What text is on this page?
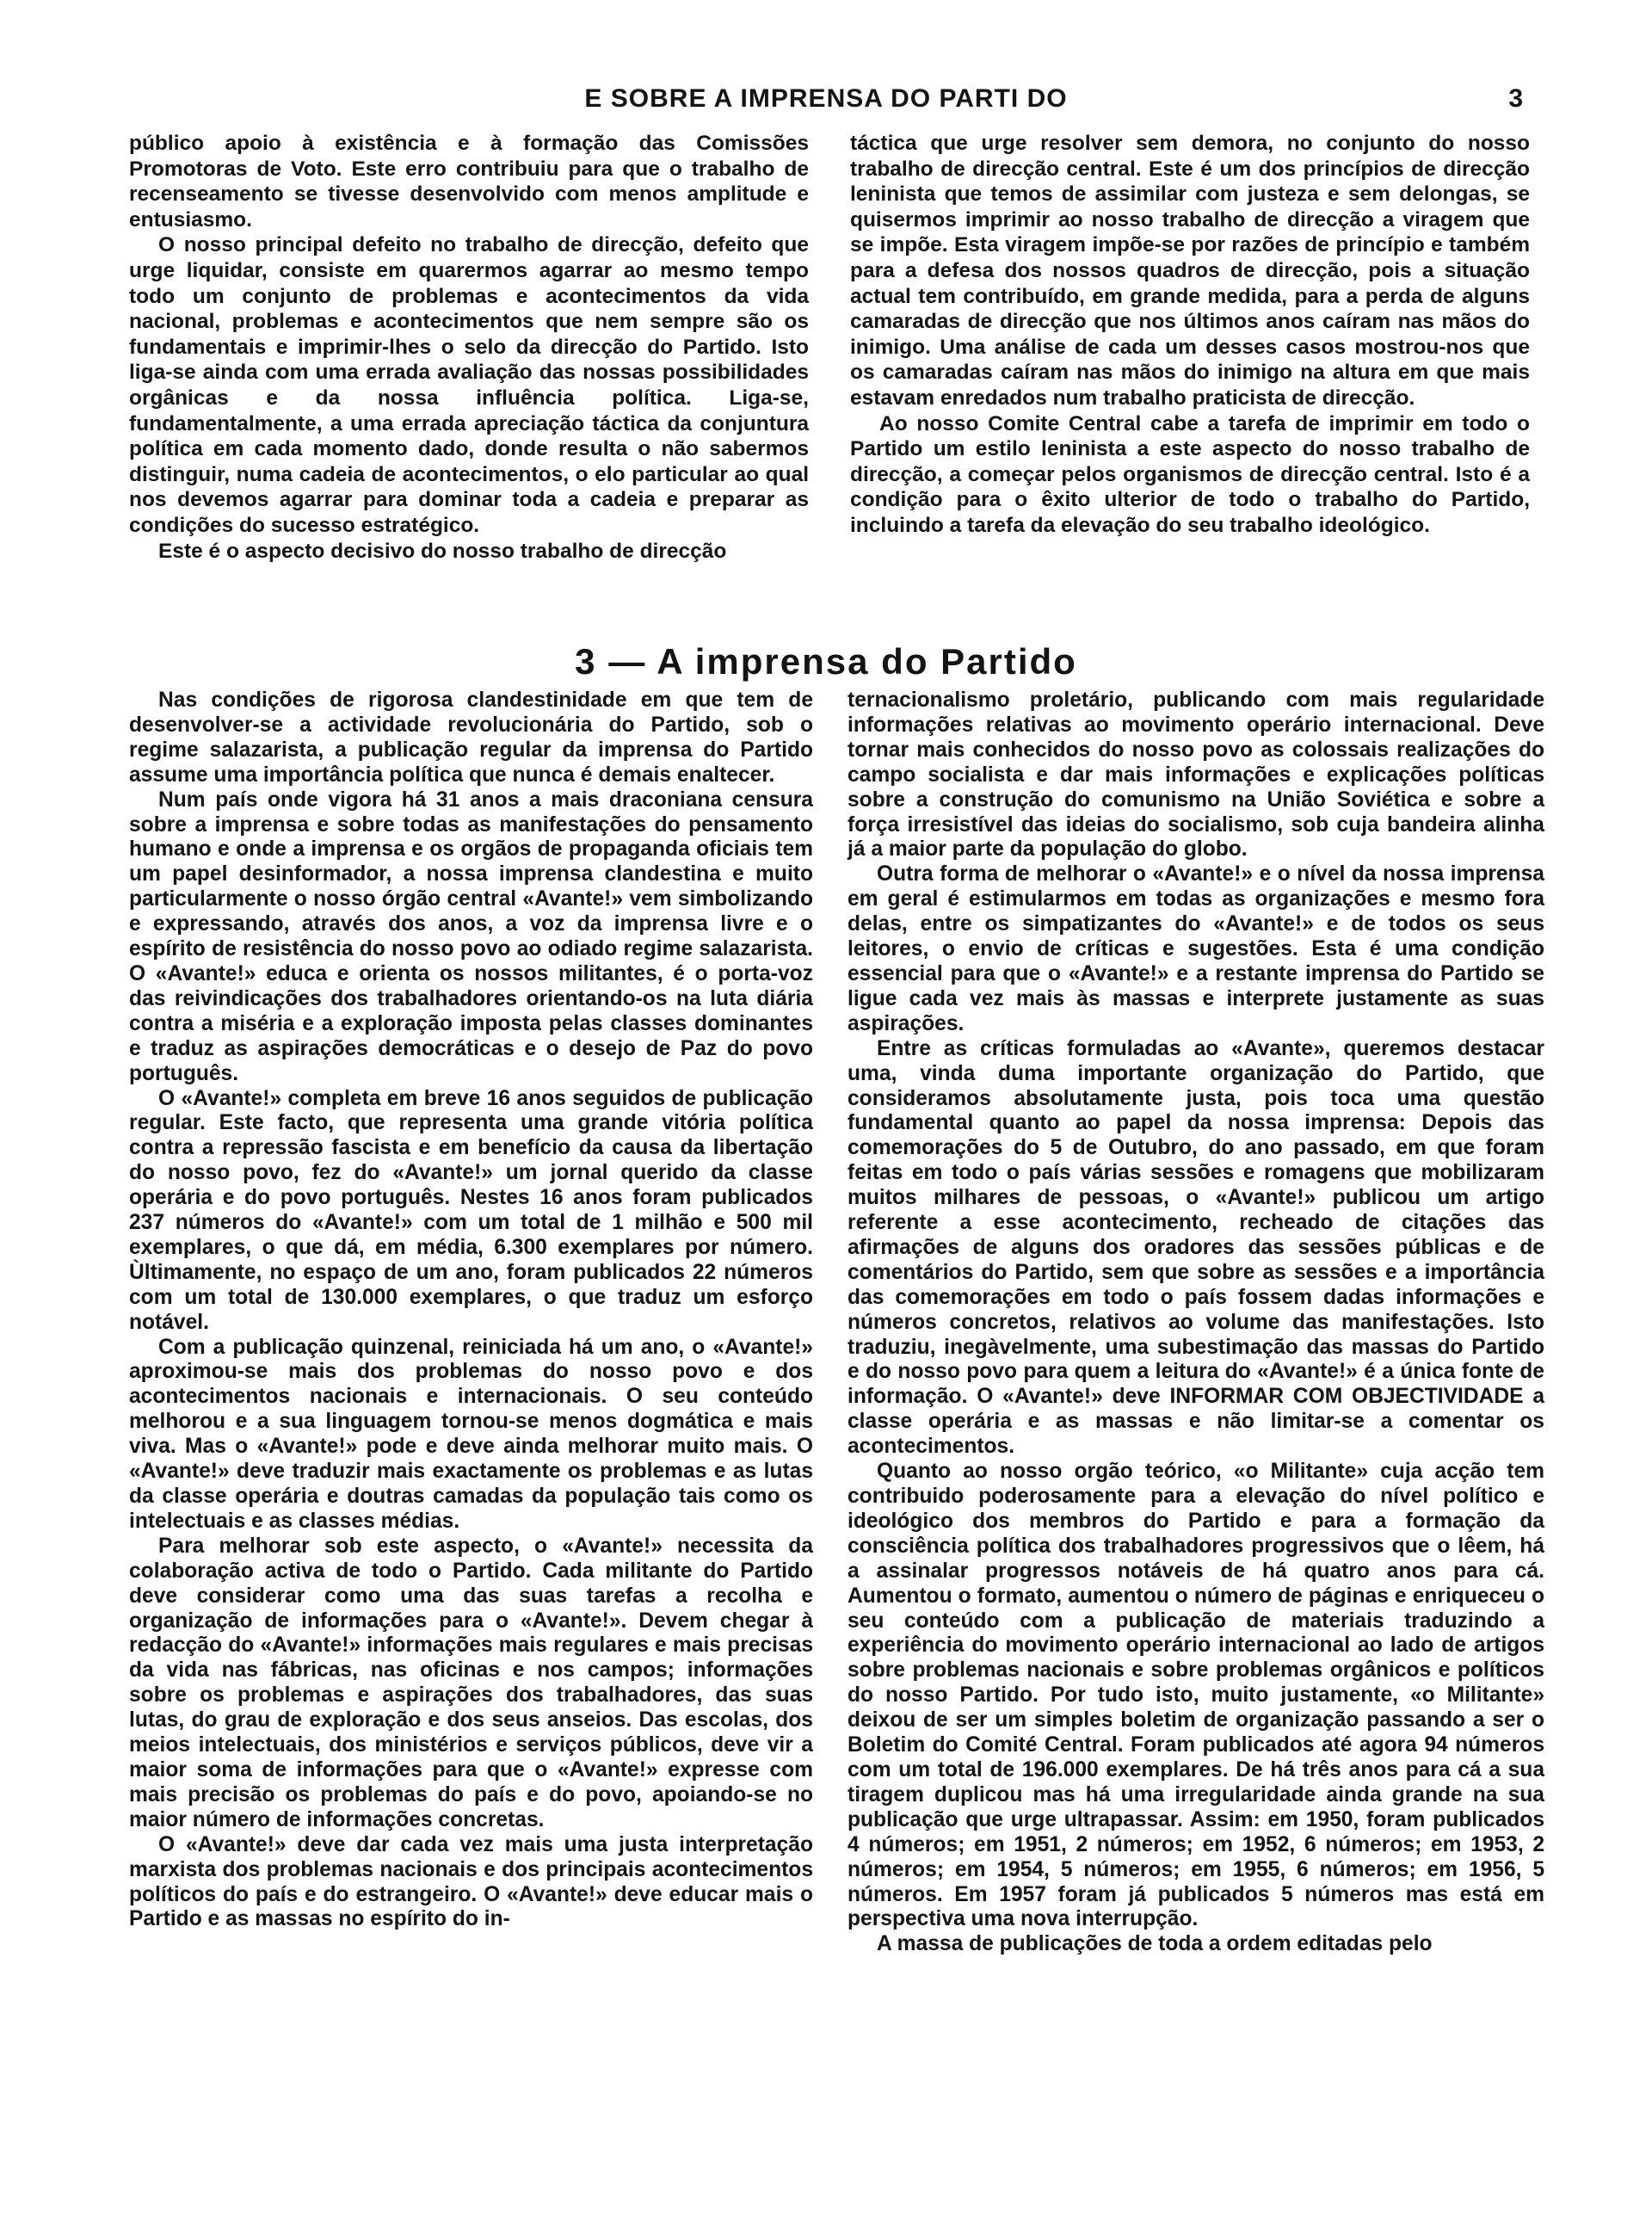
E SOBRE A IMPRENSA DO PARTI DO	3

público apoio à existência e à formação das Comissões Promotoras de Voto. Este erro contribuiu para que o trabalho de recenseamento se tivesse desenvolvido com menos amplitude e entusiasmo.

O nosso principal defeito no trabalho de direcção, defeito que urge liquidar, consiste em quarermos agarrar ao mesmo tempo todo um conjunto de problemas e acontecimentos da vida nacional, problemas e acontecimentos que nem sempre são os fundamentais e imprimir-lhes o selo da direcção do Partido. Isto liga-se ainda com uma errada avaliação das nossas possibilidades orgânicas e da nossa influência política. Liga-se, fundamentalmente, a uma errada apreciação táctica da conjuntura política em cada momento dado, donde resulta o não sabermos distinguir, numa cadeia de acontecimentos, o elo particular ao qual nos devemos agarrar para dominar toda a cadeia e preparar as condições do sucesso estratégico.

Este é o aspecto decisivo do nosso trabalho de direcção

táctica que urge resolver sem demora, no conjunto do nosso trabalho de direcção central. Este é um dos princípios de direcção leninista que temos de assimilar com justeza e sem delongas, se quisermos imprimir ao nosso trabalho de direcção a viragem que se impõe. Esta viragem impõe-se por razões de princípio e também para a defesa dos nossos quadros de direcção, pois a situação actual tem contribuído, em grande medida, para a perda de alguns camaradas de direcção que nos últimos anos caíram nas mãos do inimigo. Uma análise de cada um desses casos mostrou-nos que os camaradas caíram nas mãos do inimigo na altura em que mais estavam enredados num trabalho praticista de direcção.

Ao nosso Comite Central cabe a tarefa de imprimir em todo o Partido um estilo leninista a este aspecto do nosso trabalho de direcção, a começar pelos organismos de direcção central. Isto é a condição para o êxito ulterior de todo o trabalho do Partido, incluindo a tarefa da elevação do seu trabalho ideológico.

3 — A imprensa do Partido

Nas condições de rigorosa clandestinidade em que tem de desenvolver-se a actividade revolucionária do Partido, sob o regime salazarista, a publicação regular da imprensa do Partido assume uma importância política que nunca é demais enaltecer.

Num país onde vigora há 31 anos a mais draconiana censura sobre a imprensa e sobre todas as manifestações do pensamento humano e onde a imprensa e os orgãos de propaganda oficiais tem um papel desinformador, a nossa imprensa clandestina e muito particularmente o nosso órgão central «Avante!» vem simbolizando e expressando, através dos anos, a voz da imprensa livre e o espírito de resistência do nosso povo ao odiado regime salazarista. O «Avante!» educa e orienta os nossos militantes, é o porta-voz das reivindicações dos trabalhadores orientando-os na luta diária contra a miséria e a exploração imposta pelas classes dominantes e traduz as aspirações democráticas e o desejo de Paz do povo português.

O «Avante!» completa em breve 16 anos seguidos de publicação regular. Este facto, que representa uma grande vitória política contra a repressão fascista e em benefício da causa da libertação do nosso povo, fez do «Avante!» um jornal querido da classe operária e do povo português. Nestes 16 anos foram publicados 237 números do «Avante!» com um total de 1 milhão e 500 mil exemplares, o que dá, em média, 6.300 exemplares por número. Ùltimamente, no espaço de um ano, foram publicados 22 números com um total de 130.000 exemplares, o que traduz um esforço notável.

Com a publicação quinzenal, reiniciada há um ano, o «Avante!» aproximou-se mais dos problemas do nosso povo e dos acontecimentos nacionais e internacionais. O seu conteúdo melhorou e a sua linguagem tornou-se menos dogmática e mais viva. Mas o «Avante!» pode e deve ainda melhorar muito mais. O «Avante!» deve traduzir mais exactamente os problemas e as lutas da classe operária e doutras camadas da população tais como os intelectuais e as classes médias.

Para melhorar sob este aspecto, o «Avante!» necessita da colaboração activa de todo o Partido. Cada militante do Partido deve considerar como uma das suas tarefas a recolha e organização de informações para o «Avante!». Devem chegar à redacção do «Avante!» informações mais regulares e mais precisas da vida nas fábricas, nas oficinas e nos campos; informações sobre os problemas e aspirações dos trabalhadores, das suas lutas, do grau de exploração e dos seus anseios. Das escolas, dos meios intelectuais, dos ministérios e serviços públicos, deve vir a maior soma de informações para que o «Avante!» expresse com mais precisão os problemas do país e do povo, apoiando-se no maior número de informações concretas.

O «Avante!» deve dar cada vez mais uma justa interpretação marxista dos problemas nacionais e dos principais acontecimentos políticos do país e do estrangeiro. O «Avante!» deve educar mais o Partido e as massas no espírito do in-

ternacionalismo proletário, publicando com mais regularidade informações relativas ao movimento operário internacional. Deve tornar mais conhecidos do nosso povo as colossais realizações do campo socialista e dar mais informações e explicações políticas sobre a construção do comunismo na União Soviética e sobre a força irresistível das ideias do socialismo, sob cuja bandeira alinha já a maior parte da população do globo.

Outra forma de melhorar o «Avante!» e o nível da nossa imprensa em geral é estimularmos em todas as organizações e mesmo fora delas, entre os simpatizantes do «Avante!» e de todos os seus leitores, o envio de críticas e sugestões. Esta é uma condição essencial para que o «Avante!» e a restante imprensa do Partido se ligue cada vez mais às massas e interprete justamente as suas aspirações.

Entre as críticas formuladas ao «Avante», queremos destacar uma, vinda duma importante organização do Partido, que consideramos absolutamente justa, pois toca uma questão fundamental quanto ao papel da nossa imprensa: Depois das comemorações do 5 de Outubro, do ano passado, em que foram feitas em todo o país várias sessões e romagens que mobilizaram muitos milhares de pessoas, o «Avante!» publicou um artigo referente a esse acontecimento, recheado de citações das afirmações de alguns dos oradores das sessões públicas e de comentários do Partido, sem que sobre as sessões e a importância das comemorações em todo o país fossem dadas informações e números concretos, relativos ao volume das manifestações. Isto traduziu, inegàvelmente, uma subestimação das massas do Partido e do nosso povo para quem a leitura do «Avante!» é a única fonte de informação. O «Avante!» deve INFORMAR COM OBJECTIVIDADE a classe operária e as massas e não limitar-se a comentar os acontecimentos.

Quanto ao nosso orgão teórico, «o Militante» cuja acção tem contribuido poderosamente para a elevação do nível político e ideológico dos membros do Partido e para a formação da consciência política dos trabalhadores progressivos que o lêem, há a assinalar progressos notáveis de há quatro anos para cá. Aumentou o formato, aumentou o número de páginas e enriqueceu o seu conteúdo com a publicação de materiais traduzindo a experiência do movimento operário internacional ao lado de artigos sobre problemas nacionais e sobre problemas orgânicos e políticos do nosso Partido. Por tudo isto, muito justamente, «o Militante» deixou de ser um simples boletim de organização passando a ser o Boletim do Comité Central. Foram publicados até agora 94 números com um total de 196.000 exemplares. De há três anos para cá a sua tiragem duplicou mas há uma irregularidade ainda grande na sua publicação que urge ultrapassar. Assim: em 1950, foram publicados 4 números; em 1951, 2 números; em 1952, 6 números; em 1953, 2 números; em 1954, 5 números; em 1955, 6 números; em 1956, 5 números. Em 1957 foram já publicados 5 números mas está em perspectiva uma nova interrupção.

A massa de publicações de toda a ordem editadas pelo
